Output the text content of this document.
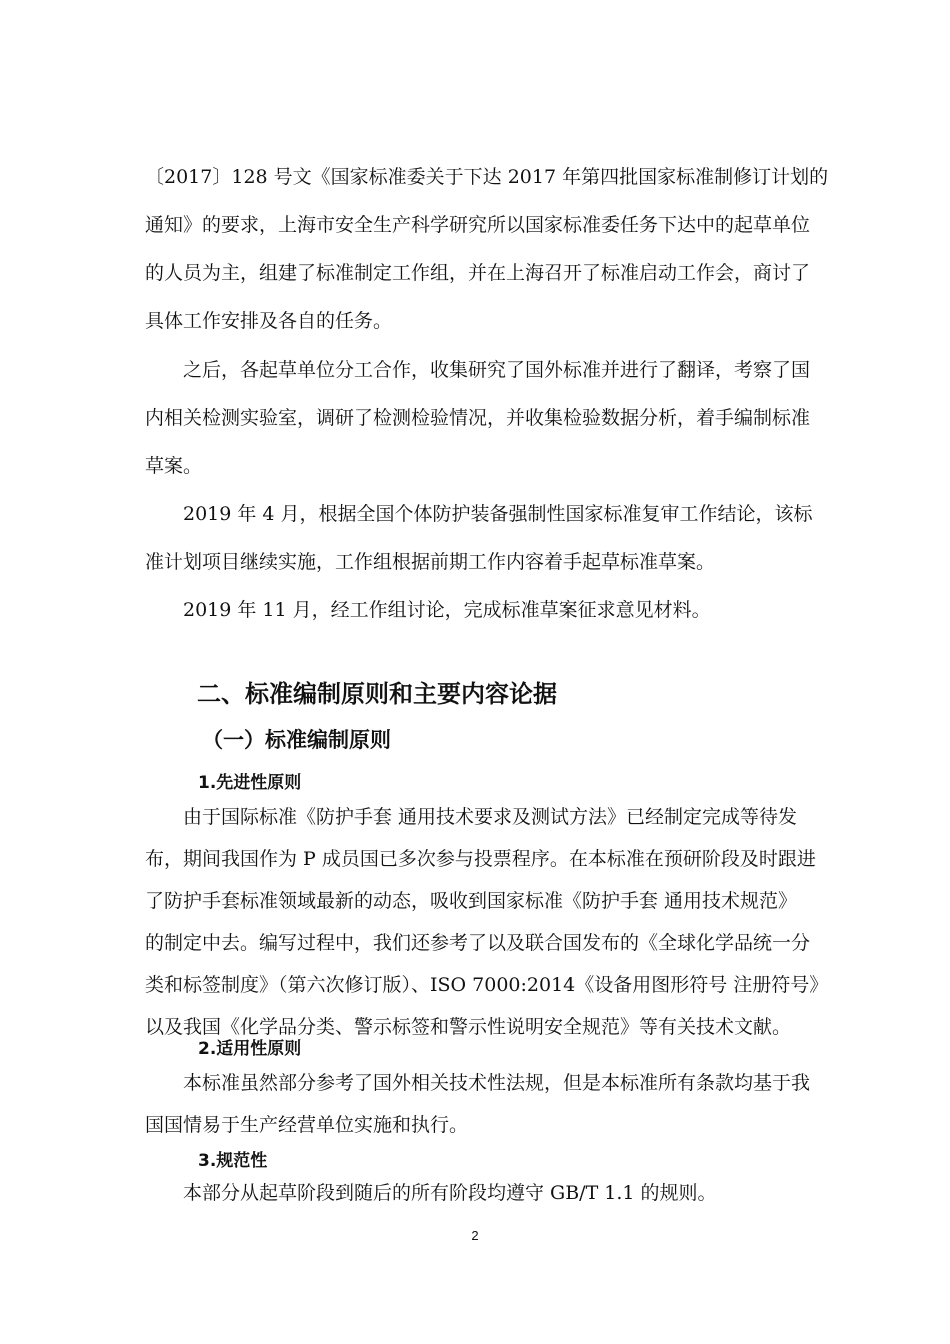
〔2017〕128 号文《国家标准委关于下达 2017 年第四批国家标准制修订计划的
通知》的要求，上海市安全生产科学研究所以国家标准委任务下达中的起草单位
的人员为主，组建了标准制定工作组，并在上海召开了标准启动工作会，商讨了
具体工作安排及各自的任务。
　　之后，各起草单位分工合作，收集研究了国外标准并进行了翻译，考察了国
内相关检测实验室，调研了检测检验情况，并收集检验数据分析，着手编制标准
草案。
　　2019 年 4 月，根据全国个体防护装备强制性国家标准复审工作结论，该标
准计划项目继续实施，工作组根据前期工作内容着手起草标准草案。
　　2019 年 11 月，经工作组讨论，完成标准草案征求意见材料。
二、标准编制原则和主要内容论据
（一）标准编制原则
1.先进性原则
　　由于国际标准《防护手套 通用技术要求及测试方法》已经制定完成等待发
布，期间我国作为 P 成员国已多次参与投票程序。在本标准在预研阶段及时跟进
了防护手套标准领域最新的动态，吸收到国家标准《防护手套 通用技术规范》
的制定中去。编写过程中，我们还参考了以及联合国发布的《全球化学品统一分
类和标签制度》（第六次修订版）、ISO 7000:2014《设备用图形符号 注册符号》
以及我国《化学品分类、警示标签和警示性说明安全规范》等有关技术文献。
2.适用性原则
　　本标准虽然部分参考了国外相关技术性法规，但是本标准所有条款均基于我
国国情易于生产经营单位实施和执行。
3.规范性
　　本部分从起草阶段到随后的所有阶段均遵守 GB/T 1.1 的规则。
2
